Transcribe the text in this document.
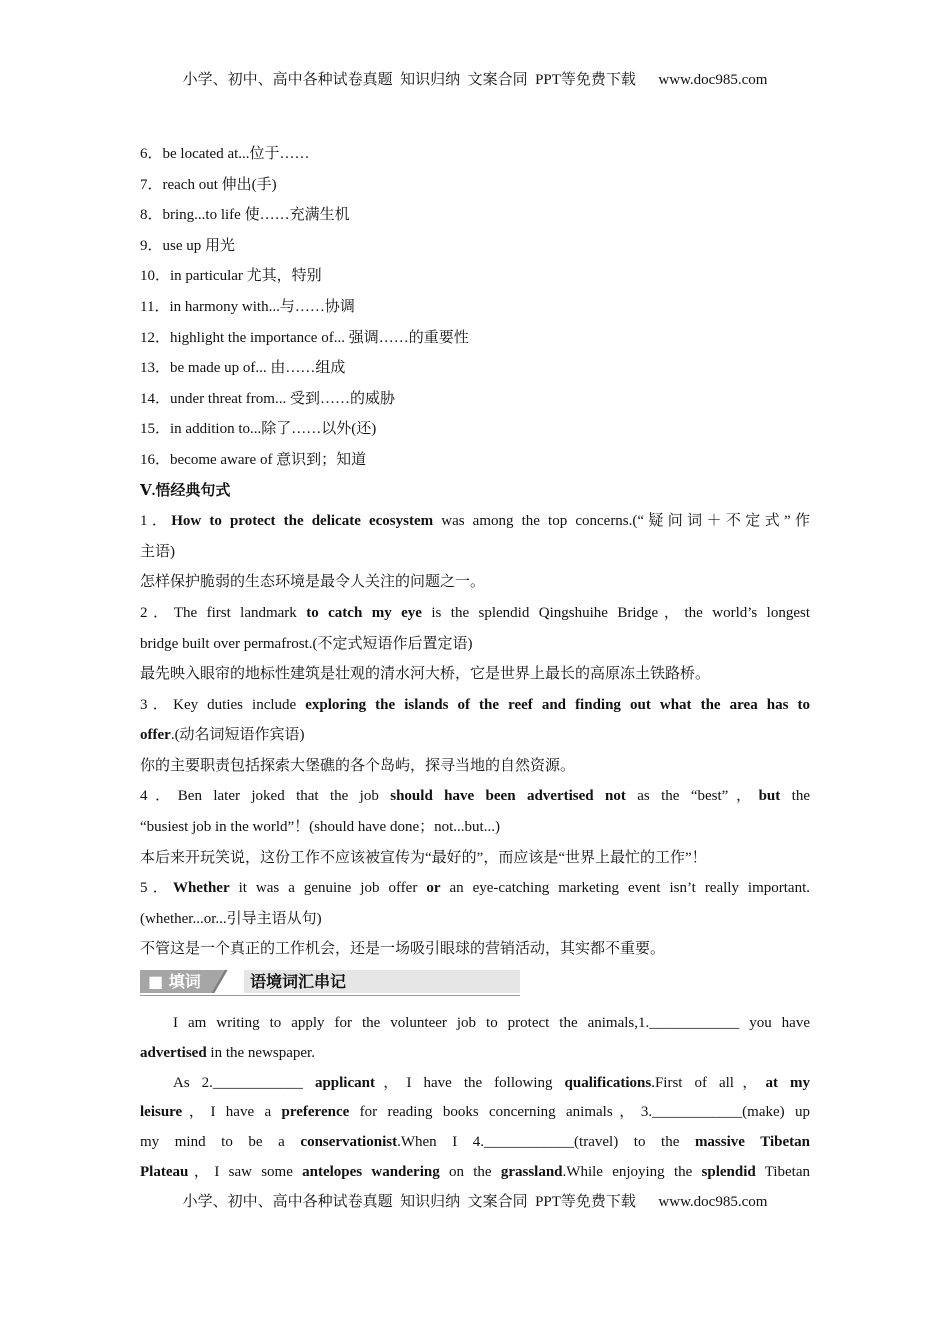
小学、初中、高中各种试卷真题  知识归纳  文案合同  PPT等免费下载      www.doc985.com
6．be located at...位于……
7．reach out 伸出(手)
8．bring...to life 使……充满生机
9．use up 用光
10．in particular 尤其，特别
11．in harmony with...与……协调
12．highlight the importance of... 强调……的重要性
13．be made up of... 由……组成
14．under threat from... 受到……的威胁
15．in addition to...除了……以外(还)
16．become aware of 意识到；知道
Ⅴ.悟经典句式
1．How to protect the delicate ecosystem was among the top concerns.(“疑问词＋不定式”作
主语)
怎样保护脆弱的生态环境是最令人关注的问题之一。
2．The first landmark to catch my eye is the splendid Qingshuihe Bridge，the world’s longest
bridge built over permafrost.(不定式短语作后置定语)
最先映入眼帘的地标性建筑是壮观的清水河大桥，它是世界上最长的高原冻土铁路桥。
3．Key duties include exploring the islands of the reef and finding out what the area has to
offer.(动名词短语作宾语)
你的主要职责包括探索大堡礁的各个岛屿，探寻当地的自然资源。
4．Ben later joked that the job should have been advertised not as the “best”，but the
“busiest job in the world”！(should have done；not...but...)
本后来开玩笑说，这份工作不应该被宣传为“最好的”，而应该是“世界上最忙的工作”！
5．Whether it was a genuine job offer or an eye-catching marketing event isn’t really important.
(whether...or...引导主语从句)
不管这是一个真正的工作机会，还是一场吸引眼球的营销活动，其实都不重要。
■ 填词	语境词汇串记
I am writing to apply for the volunteer job to protect the animals,1.____________ you have
advertised in the newspaper.
As 2.____________ applicant，I have the following qualifications.First of all，at my
leisure，I have a preference for reading books concerning animals，3.____________(make) up
my mind to be a conservationist.When I 4.____________(travel) to the massive Tibetan
Plateau，I saw some antelopes wandering on the grassland.While enjoying the splendid Tibetan
小学、初中、高中各种试卷真题  知识归纳  文案合同  PPT等免费下载      www.doc985.com
